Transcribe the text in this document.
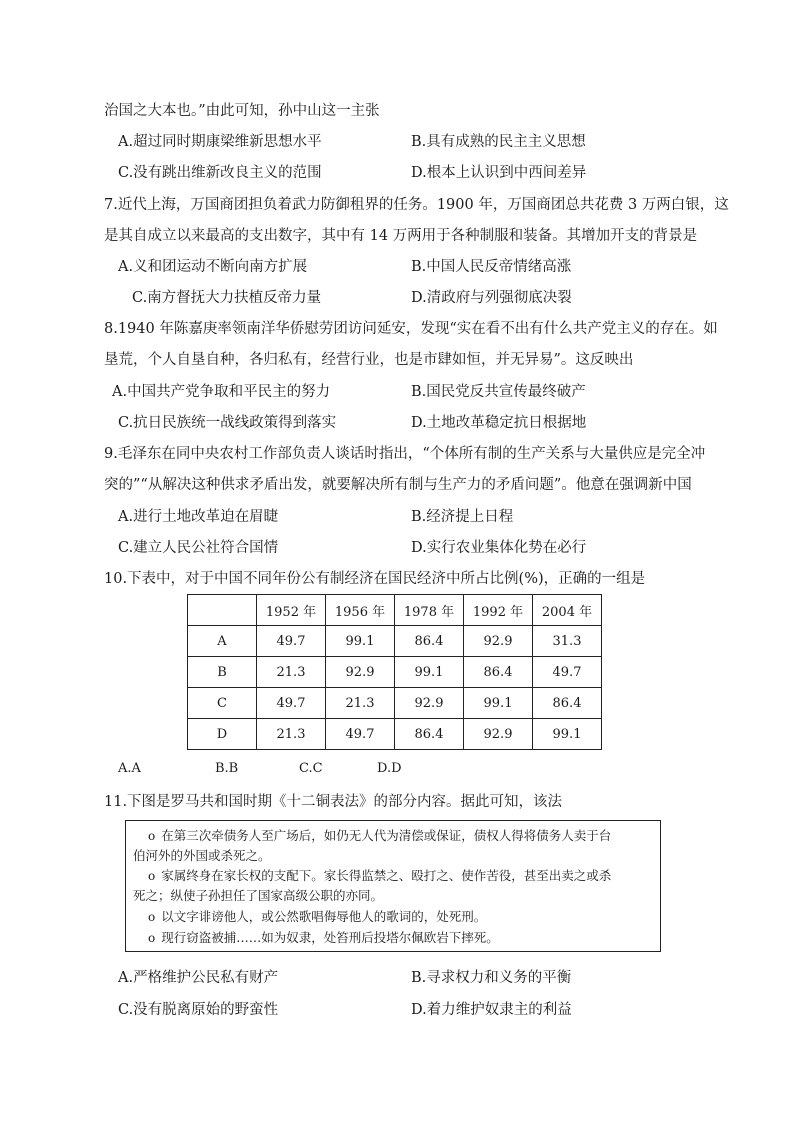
治国之大本也。”由此可知，孙中山这一主张
A.超过同时期康梁维新思想水平	B.具有成熟的民主主义思想
C.没有跳出维新改良主义的范围	D.根本上认识到中西间差异
7.近代上海，万国商团担负着武力防御租界的任务。1900 年，万国商团总共花费 3 万两白银，这
是其自成立以来最高的支出数字，其中有 14 万两用于各种制服和装备。其增加开支的背景是
A.义和团运动不断向南方扩展	B.中国人民反帝情绪高涨
C.南方督抚大力扶植反帝力量	D.清政府与列强彻底决裂
8.1940 年陈嘉庚率领南洋华侨慰劳团访问延安，发现“实在看不出有什么共产党主义的存在。如
垦荒，个人自垦自种，各归私有，经营行业，也是市肆如恒，并无异易”。这反映出
A.中国共产党争取和平民主的努力	B.国民党反共宣传最终破产
C.抗日民族统一战线政策得到落实	D.土地改革稳定抗日根据地
9.毛泽东在同中央农村工作部负责人谈话时指出，“个体所有制的生产关系与大量供应是完全冲
突的”“从解决这种供求矛盾出发，就要解决所有制与生产力的矛盾问题”。他意在强调新中国
A.进行土地改革迫在眉睫	B.经济提上日程
C.建立人民公社符合国情	D.实行农业集体化势在必行
10.下表中，对于中国不同年份公有制经济在国民经济中所占比例(%)，正确的一组是
	1952 年	1956 年	1978 年	1992 年	2004 年
A	49.7	99.1	86.4	92.9	31.3
B	21.3	92.9	99.1	86.4	49.7
C	49.7	21.3	92.9	99.1	86.4
D	21.3	49.7	86.4	92.9	99.1
A.A	B.B	C.C	D.D
11.下图是罗马共和国时期《十二铜表法》的部分内容。据此可知，该法
o 在第三次牵债务人至广场后，如仍无人代为清偿或保证，债权人得将债务人卖于台
伯河外的外国或杀死之。
o 家属终身在家长权的支配下。家长得监禁之、殴打之、使作苦役，甚至出卖之或杀
死之；纵使子孙担任了国家高级公职的亦同。
o 以文字诽谤他人，或公然歌唱侮辱他人的歌词的，处死刑。
o 现行窃盗被捕……如为奴隶，处笞刑后投塔尔佩欧岩下摔死。
A.严格维护公民私有财产	B.寻求权力和义务的平衡
C.没有脱离原始的野蛮性	D.着力维护奴隶主的利益
